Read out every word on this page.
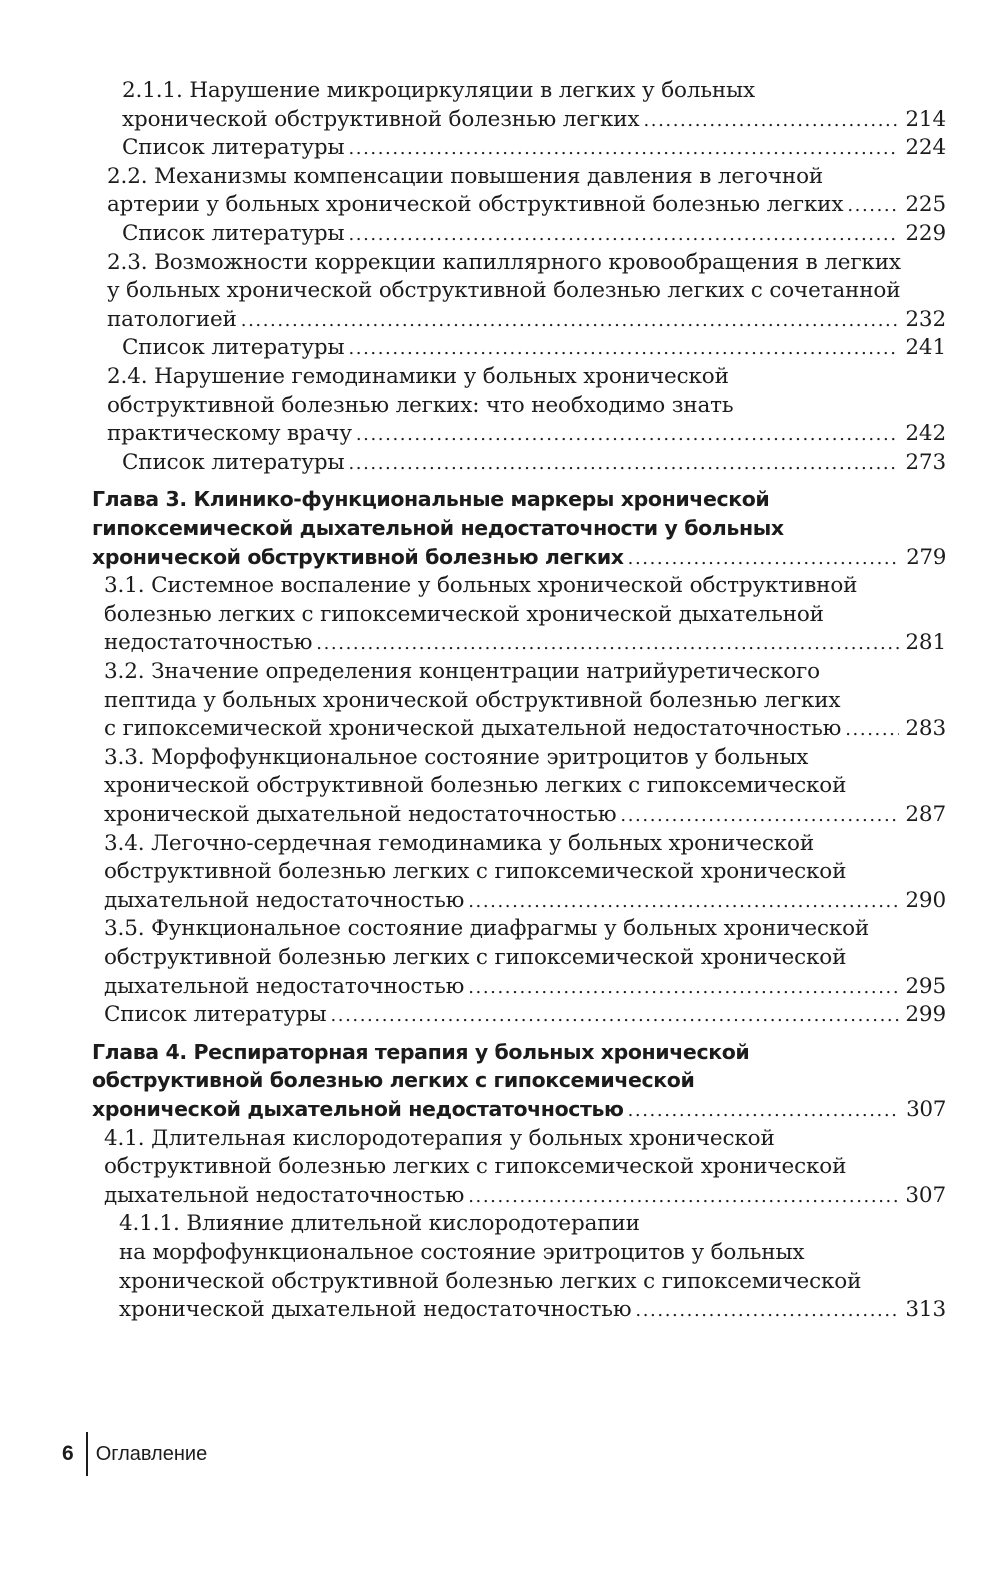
2.1.1. Нарушение микроциркуляции в легких у больных
хронической обструктивной болезнью легких .....	214
Список литературы .....	224
2.2. Механизмы компенсации повышения давления в легочной
артерии у больных хронической обструктивной болезнью легких .....	225
Список литературы .....	229
2.3. Возможности коррекции капиллярного кровообращения в легких
у больных хронической обструктивной болезнью легких с сочетанной
патологией .....	232
Список литературы .....	241
2.4. Нарушение гемодинамики у больных хронической
обструктивной болезнью легких: что необходимо знать
практическому врачу .....	242
Список литературы .....	273
Глава 3. Клинико-функциональные маркеры хронической
гипоксемической дыхательной недостаточности у больных
хронической обструктивной болезнью легких .....	279
3.1. Системное воспаление у больных хронической обструктивной
болезнью легких с гипоксемической хронической дыхательной
недостаточностью .....	281
3.2. Значение определения концентрации натрийуретического
пептида у больных хронической обструктивной болезнью легких
с гипоксемической хронической дыхательной недостаточностью .....	283
3.3. Морфофункциональное состояние эритроцитов у больных
хронической обструктивной болезнью легких с гипоксемической
хронической дыхательной недостаточностью .....	287
3.4. Легочно-сердечная гемодинамика у больных хронической
обструктивной болезнью легких с гипоксемической хронической
дыхательной недостаточностью .....	290
3.5. Функциональное состояние диафрагмы у больных хронической
обструктивной болезнью легких с гипоксемической хронической
дыхательной недостаточностью .....	295
Список литературы .....	299
Глава 4. Респираторная терапия у больных хронической
обструктивной болезнью легких с гипоксемической
хронической дыхательной недостаточностью .....	307
4.1. Длительная кислородотерапия у больных хронической
обструктивной болезнью легких с гипоксемической хронической
дыхательной недостаточностью .....	307
4.1.1. Влияние длительной кислородотерапии
на морфофункциональное состояние эритроцитов у больных
хронической обструктивной болезнью легких с гипоксемической
хронической дыхательной недостаточностью .....	313
6 Оглавление
